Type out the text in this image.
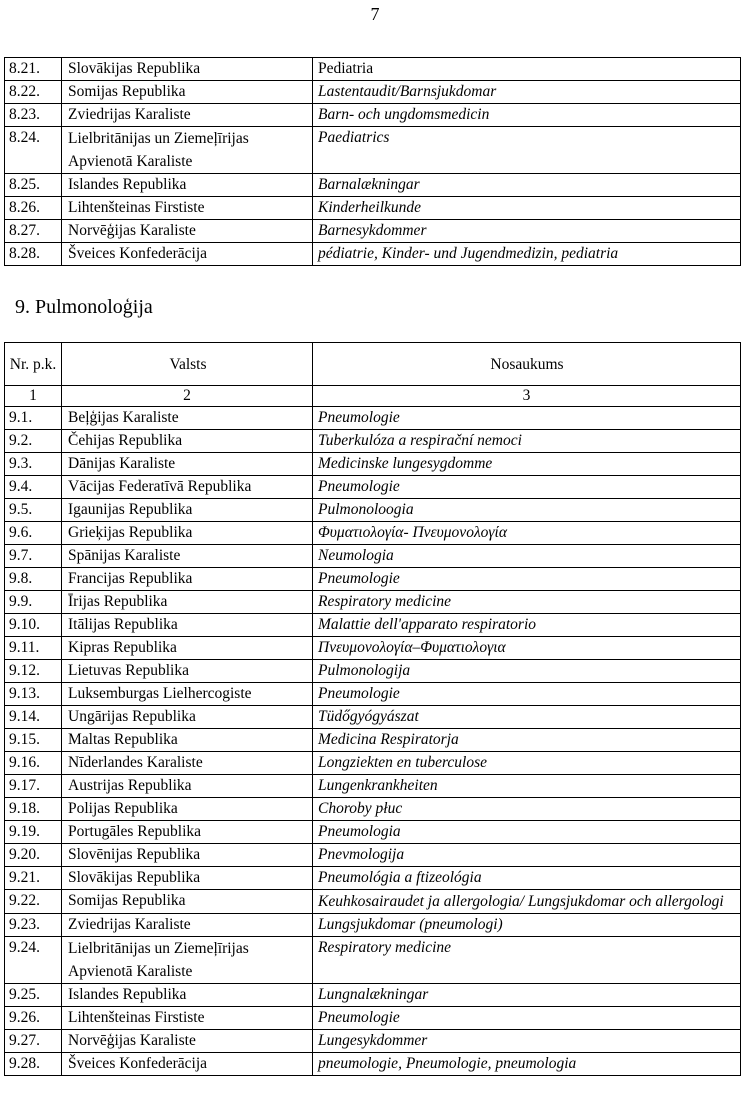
7
8.21.	Slovākijas Republika	Pediatria
8.22.	Somijas Republika	Lastentaudit/Barnsjukdomar
8.23.	Zviedrijas Karaliste	Barn- och ungdomsmedicin
8.24.	Lielbritānijas un Ziemeļīrijas Apvienotā Karaliste	Paediatrics
8.25.	Islandes Republika	Barnalækningar
8.26.	Lihtenšteinas Firstiste	Kinderheilkunde
8.27.	Norvēģijas Karaliste	Barnesykdommer
8.28.	Šveices Konfederācija	pédiatrie, Kinder- und Jugendmedizin, pediatria
9. Pulmonoloģija
Nr. p.k.	Valsts	Nosaukums
1	2	3
9.1.	Beļģijas Karaliste	Pneumologie
9.2.	Čehijas Republika	Tuberkulóza a respirační nemoci
9.3.	Dānijas Karaliste	Medicinske lungesygdomme
9.4.	Vācijas Federatīvā Republika	Pneumologie
9.5.	Igaunijas Republika	Pulmonoloogia
9.6.	Grieķijas Republika	Φυματιολογία- Πνευμονολογία
9.7.	Spānijas Karaliste	Neumologia
9.8.	Francijas Republika	Pneumologie
9.9.	Īrijas Republika	Respiratory medicine
9.10.	Itālijas Republika	Malattie dell'apparato respiratorio
9.11.	Kipras Republika	Πνευμονολογία–Φυματιολογια
9.12.	Lietuvas Republika	Pulmonologija
9.13.	Luksemburgas Lielhercogiste	Pneumologie
9.14.	Ungārijas Republika	Tüdőgyógyászat
9.15.	Maltas Republika	Medicina Respiratorja
9.16.	Nīderlandes Karaliste	Longziekten en tuberculose
9.17.	Austrijas Republika	Lungenkrankheiten
9.18.	Polijas Republika	Choroby płuc
9.19.	Portugāles Republika	Pneumologia
9.20.	Slovēnijas Republika	Pnevmologija
9.21.	Slovākijas Republika	Pneumológia a ftizeológia
9.22.	Somijas Republika	Keuhkosairaudet ja allergologia/ Lungsjukdomar och allergologi
9.23.	Zviedrijas Karaliste	Lungsjukdomar (pneumologi)
9.24.	Lielbritānijas un Ziemeļīrijas Apvienotā Karaliste	Respiratory medicine
9.25.	Islandes Republika	Lungnalækningar
9.26.	Lihtenšteinas Firstiste	Pneumologie
9.27.	Norvēģijas Karaliste	Lungesykdommer
9.28.	Šveices Konfederācija	pneumologie, Pneumologie, pneumologia
